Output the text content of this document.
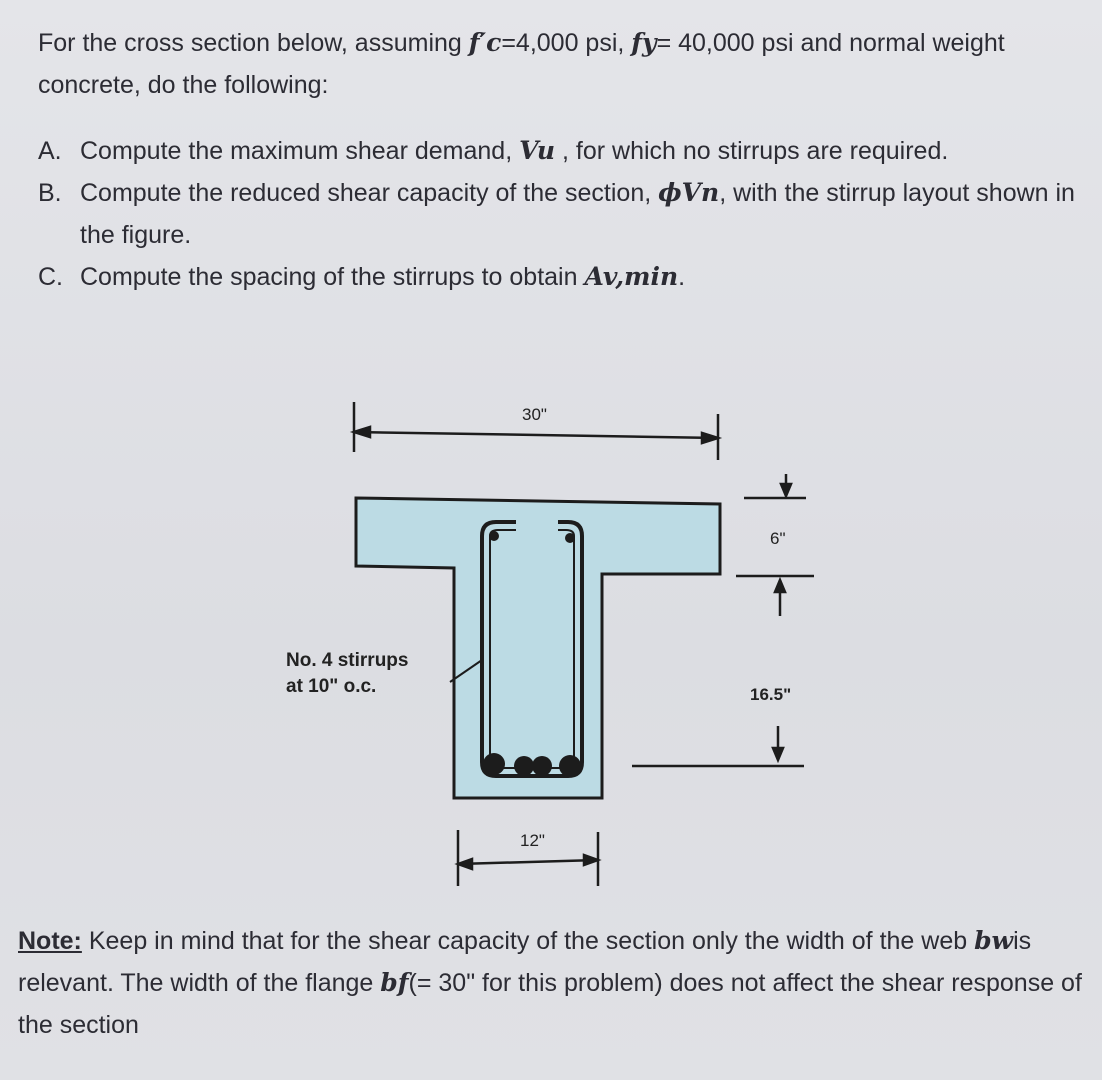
For the cross section below, assuming f′c=4,000 psi, fy= 40,000 psi and normal weight concrete, do the following:
A. Compute the maximum shear demand, Vu , for which no stirrups are required.
B. Compute the reduced shear capacity of the section, ϕVn, with the stirrup layout shown in the figure.
C. Compute the spacing of the stirrups to obtain Av,min.
30"
No. 4 stirrups
at 10" o.c.
6"
16.5"
12"
Note: Keep in mind that for the shear capacity of the section only the width of the web bwis relevant. The width of the flange bf(= 30" for this problem) does not affect the shear response of the section
